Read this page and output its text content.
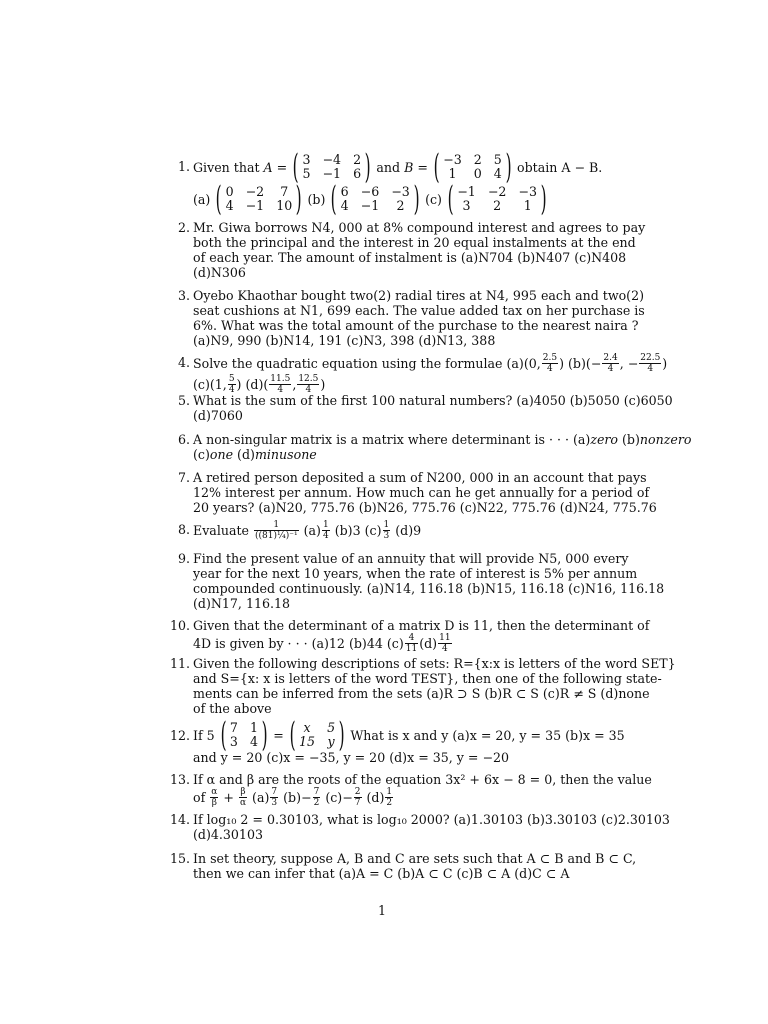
1. Given that
A
= ( 3 −4 2
5 −1 6 ) and
B = ( −3 2 5
1	0 4 ) obtain A − B.
(a) ( 0 −2	7
4 −1 10 ) (b) ( 6 −6 −3
4 −1	2 ) (c) ( −1 −2 −3
3	2	1 )
2. Mr. Giwa borrows N4, 000 at 8% compound interest and agrees to pay
both the principal and the interest in 20 equal instalments at the end
of each year. The amount of instalment is (a)N704 (b)N407 (c)N408
(d)N306
3. Oyebo Khaothar bought two(2) radial tires at N4, 995 each and two(2)
seat cushions at N1, 699 each. The value added tax on her purchase is
6%. What was the total amount of the purchase to the nearest naira ?
(a)N9, 990 (b)N14, 191 (c)N3, 398 (d)N13, 388
4. Solve the quadratic equation using the formulae (a)(0, $\frac{2.5}{4}$ ) $(b)(- \frac{2.4}{4}$ , − $\frac{22.5}{4}$ )
(c)(1, $\frac{5}{4}$ ) $(d)( \frac{11.5}{4}$ , $\frac{12.5}{4}$ )
5. What is the sum of the first 100 natural numbers? (a)4050 (b)5050 (c)6050
(d)7060
6. A non-singular matrix is a matrix where determinant is · · · (a)zero (b)nonzero
(c)one (d)minusone
7. A retired person deposited a sum of N200, 000 in an account that pays
12% interest per annum. How much can he get annually for a period of
20 years? (a)N20, 775.76 (b)N26, 775.76 (c)N22, 775.76 (d)N24, 775.76
8. Evaluate
$\frac{1}{\text{((81)¼)⁻¹}}$
$(a) \frac{1}{4}$
(b)3 $(c) \frac{1}{3}$
(d)9
9. Find the present value of an annuity that will provide N5, 000 every
year for the next 10 years, when the rate of interest is 5% per annum
compounded continuously. (a)N14, 116.18 (b)N15, 116.18 (c)N16, 116.18
(d)N17, 116.18
10. Given that the determinant of a matrix D is 11, then the determinant of
4D is given by · · · (a)12 (b)44 $(c) \frac{4}{11} (d) \frac{11}{4}$
11. Given the following descriptions of sets: R={x:x is letters of the word SET}
and S={x: x is letters of the word TEST}, then one of the following state-
ments can be inferred from the sets (a)R ⊃ S (b)R ⊂ S (c)R ≠ S (d)none
of the above
12. If 5 ( 7 1
3 4 ) = ( x	5
15 y ) What is x and y (a)x = 20, y = 35 (b)x = 35
and y = 20 (c)x = −35, y = 20 (d)x = 35, y = −20
13. If α and β are the roots of the equation 3x² + 6x − 8 = 0, then the value
of
$\frac{\alpha}{\beta}$
+
$\frac{\beta}{\alpha}$
$(a) \frac{7}{3}$
$(b)- \frac{7}{2}$
$(c)- \frac{2}{7}$
$(d) \frac{1}{2}$
14. If log₁₀ 2 = 0.30103, what is log₁₀ 2000? (a)1.30103 (b)3.30103 (c)2.30103
(d)4.30103
15. In set theory, suppose A, B and C are sets such that A ⊂ B and B ⊂ C,
then we can infer that (a)A = C (b)A ⊂ C (c)B ⊂ A (d)C ⊂ A
1
